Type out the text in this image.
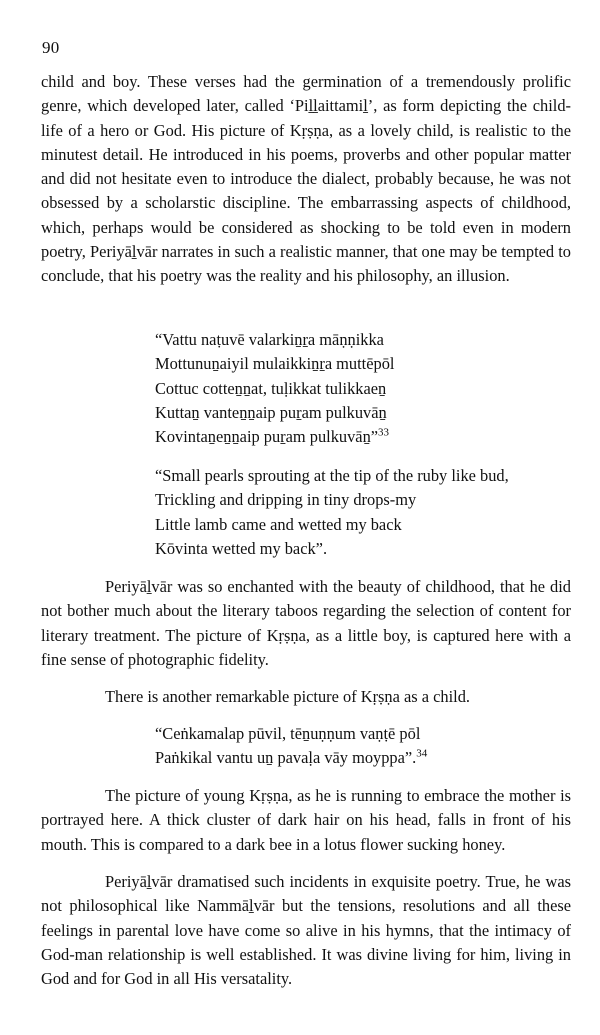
90

child and boy. These verses had the germination of a tremendously prolific genre, which developed later, called ‘Piḻḻaittamiḻ’, as form depicting the child-life of a hero or God. His picture of Kṛṣṇa, as a lovely child, is realistic to the minutest detail. He introduced in his poems, proverbs and other popular matter and did not hesitate even to introduce the dialect, probably because, he was not obsessed by a scholarstic discipline. The embarrassing aspects of childhood, which, perhaps would be considered as shocking to be told even in modern poetry, Periyāḻvār narrates in such a realistic manner, that one may be tempted to conclude, that his poetry was the reality and his philosophy, an illusion.

“Vattu naṭuvē valarkiṉṟa māṇṇikka
Mottunuṉaiyil mulaikkiṉṟa muttēpōl
Cottuc cotteṉṉat, tuḷikkat tulikkaeṉ
Kuttaṉ vanteṉṉaip puṟam pulkuvāṉ
Kovintaṉeṉṉaip puṟam pulkuvāṉ”$^{33}$
“Small pearls sprouting at the tip of the ruby like bud,
Trickling and dripping in tiny drops-my
Little lamb came and wetted my back
Kōvinta wetted my back”.

Periyāḻvār was so enchanted with the beauty of childhood, that he did not bother much about the literary taboos regarding the selection of content for literary treatment. The picture of Kṛṣṇa, as a little boy, is captured here with a fine sense of photographic fidelity.

There is another remarkable picture of Kṛṣṇa as a child.

“Ceṅkamalap pūvil, tēṉuṇṇum vaṇṭē pōl
Paṅkikal vantu uṉ pavaḷa vāy moyppa”.$^{34}$

The picture of young Kṛṣṇa, as he is running to embrace the mother is portrayed here. A thick cluster of dark hair on his head, falls in front of his mouth. This is compared to a dark bee in a lotus flower sucking honey.

Periyāḻvār dramatised such incidents in exquisite poetry. True, he was not philosophical like Nammāḻvār but the tensions, resolutions and all these feelings in parental love have come so alive in his hymns, that the intimacy of God-man relationship is well established. It was divine living for him, living in God and for God in all His versatality.
